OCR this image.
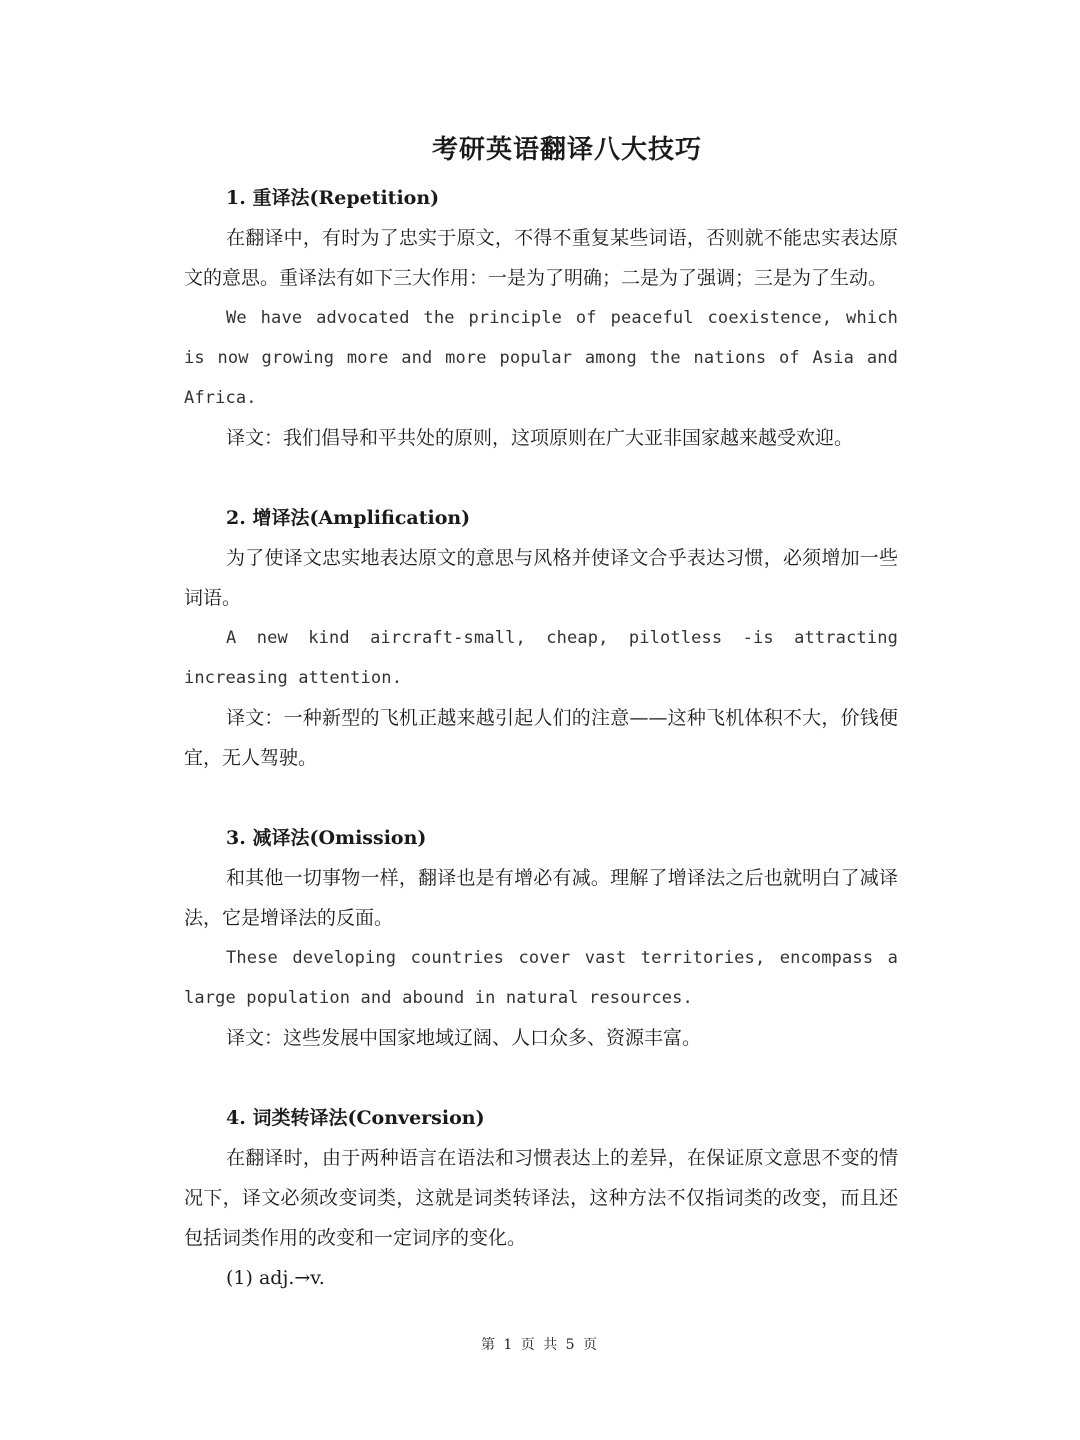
考研英语翻译八大技巧

1. 重译法(Repetition)

在翻译中，有时为了忠实于原文，不得不重复某些词语，否则就不能忠实表达原文的意思。重译法有如下三大作用：一是为了明确；二是为了强调；三是为了生动。

We have advocated the principle of peaceful coexistence, which is now growing more and more popular among the nations of Asia and Africa.

译文：我们倡导和平共处的原则，这项原则在广大亚非国家越来越受欢迎。

2. 增译法(Amplification)

为了使译文忠实地表达原文的意思与风格并使译文合乎表达习惯，必须增加一些词语。

A new kind aircraft-small, cheap, pilotless -is attracting increasing attention.

译文：一种新型的飞机正越来越引起人们的注意——这种飞机体积不大，价钱便宜，无人驾驶。

3. 减译法(Omission)

和其他一切事物一样，翻译也是有增必有减。理解了增译法之后也就明白了减译法，它是增译法的反面。

These developing countries cover vast territories, encompass a large population and abound in natural resources.

译文：这些发展中国家地域辽阔、人口众多、资源丰富。

4. 词类转译法(Conversion)

在翻译时，由于两种语言在语法和习惯表达上的差异，在保证原文意思不变的情况下，译文必须改变词类，这就是词类转译法，这种方法不仅指词类的改变，而且还包括词类作用的改变和一定词序的变化。

(1) adj.→v.

第 1 页 共 5 页
